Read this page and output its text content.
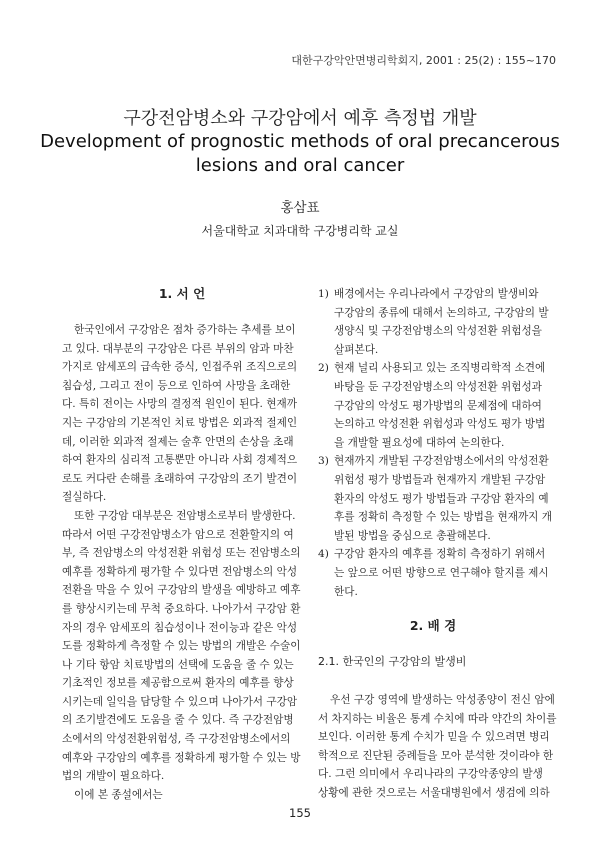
대한구강악안면병리학회지, 2001 : 25(2) : 155~170
구강전암병소와 구강암에서 예후 측정법 개발
Development of prognostic methods of oral precancerous
lesions and oral cancer
홍삼표
서울대학교 치과대학 구강병리학 교실
1. 서 언
한국인에서 구강암은 점차 증가하는 추세를 보이
고 있다. 대부분의 구강암은 다른 부위의 암과 마찬
가지로 암세포의 급속한 증식, 인접주위 조직으로의
침습성, 그리고 전이 등으로 인하여 사망을 초래한
다. 특히 전이는 사망의 결정적 원인이 된다. 현재까
지는 구강암의 기본적인 치료 방법은 외과적 절제인
데, 이러한 외과적 절제는 술후 안면의 손상을 초래
하여 환자의 심리적 고통뿐만 아니라 사회 경제적으
로도 커다란 손해를 초래하여 구강암의 조기 발견이
절실하다.
또한 구강암 대부분은 전암병소로부터 발생한다.
따라서 어떤 구강전암병소가 암으로 전환할지의 여
부, 즉 전암병소의 악성전환 위험성 또는 전암병소의
예후를 정확하게 평가할 수 있다면 전암병소의 악성
전환을 막을 수 있어 구강암의 발생을 예방하고 예후
를 향상시키는데 무척 중요하다. 나아가서 구강암 환
자의 경우 암세포의 침습성이나 전이능과 같은 악성
도를 정확하게 측정할 수 있는 방법의 개발은 수술이
나 기타 항암 치료방법의 선택에 도움을 줄 수 있는
기초적인 정보를 제공함으로써 환자의 예후를 향상
시키는데 일익을 담당할 수 있으며 나아가서 구강암
의 조기발견에도 도움을 줄 수 있다. 즉 구강전암병
소에서의 악성전환위험성, 즉 구강전암병소에서의
예후와 구강암의 예후를 정확하게 평가할 수 있는 방
법의 개발이 필요하다.
이에 본 종설에서는
1) 배경에서는 우리나라에서 구강암의 발생비와
구강암의 종류에 대해서 논의하고, 구강암의 발
생양식 및 구강전암병소의 악성전환 위험성을
살펴본다.
2) 현재 널리 사용되고 있는 조직병리학적 소견에
바탕을 둔 구강전암병소의 악성전환 위험성과
구강암의 악성도 평가방법의 문제점에 대하여
논의하고 악성전환 위험성과 악성도 평가 방법
을 개발할 필요성에 대하여 논의한다.
3) 현재까지 개발된 구강전암병소에서의 악성전환
위험성 평가 방법들과 현재까지 개발된 구강암
환자의 악성도 평가 방법들과 구강암 환자의 예
후를 정확히 측정할 수 있는 방법을 현재까지 개
발된 방법을 중심으로 총괄해본다.
4) 구강암 환자의 예후를 정확히 측정하기 위해서
는 앞으로 어떤 방향으로 연구해야 할지를 제시
한다.
2. 배 경
2.1. 한국인의 구강암의 발생비
우선 구강 영역에 발생하는 악성종양이 전신 암에
서 차지하는 비율은 통계 수치에 따라 약간의 차이를
보인다. 이러한 통계 수치가 믿을 수 있으려면 병리
학적으로 진단된 증례들을 모아 분석한 것이라야 한
다. 그런 의미에서 우리나라의 구강악종양의 발생
상황에 관한 것으로는 서울대병원에서 생검에 의하
155
